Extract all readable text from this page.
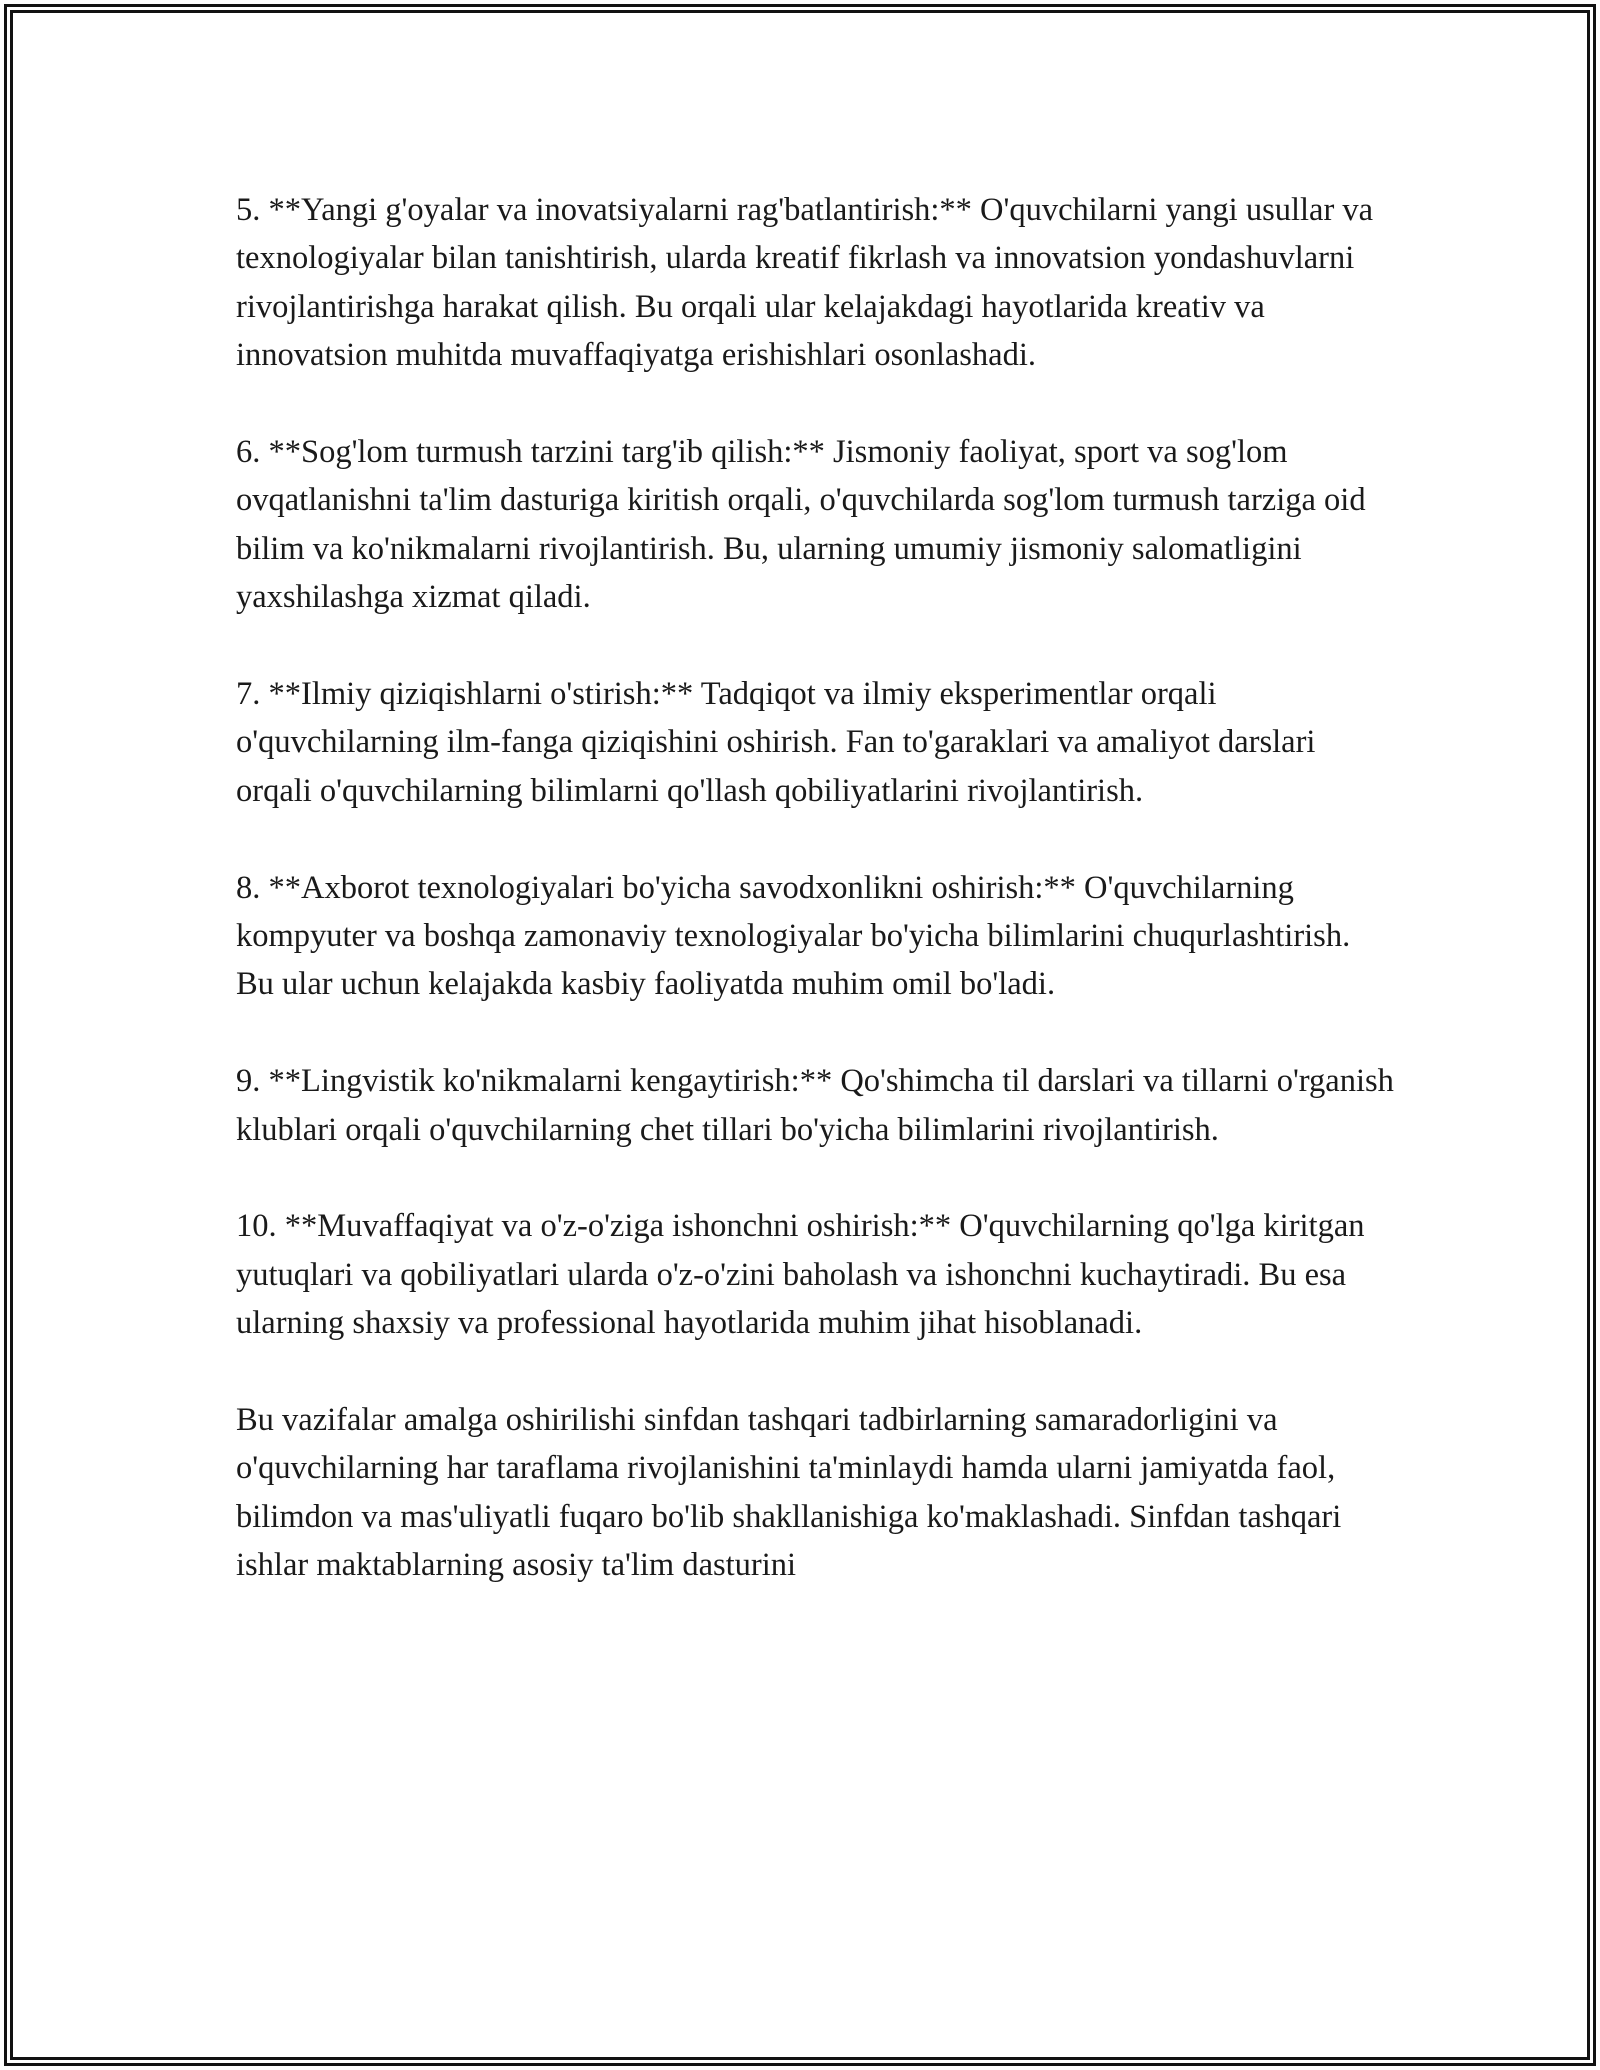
5. **Yangi g'oyalar va inovatsiyalarni rag'batlantirish:** O'quvchilarni yangi usullar va texnologiyalar bilan tanishtirish, ularda kreatif fikrlash va innovatsion yondashuvlarni rivojlantirishga harakat qilish. Bu orqali ular kelajakdagi hayotlarida kreativ va innovatsion muhitda muvaffaqiyatga erishishlari osonlashadi.

6. **Sog'lom turmush tarzini targ'ib qilish:** Jismoniy faoliyat, sport va sog'lom ovqatlanishni ta'lim dasturiga kiritish orqali, o'quvchilarda sog'lom turmush tarziga oid bilim va ko'nikmalarni rivojlantirish. Bu, ularning umumiy jismoniy salomatligini yaxshilashga xizmat qiladi.

7. **Ilmiy qiziqishlarni o'stirish:** Tadqiqot va ilmiy eksperimentlar orqali o'quvchilarning ilm-fanga qiziqishini oshirish. Fan to'garaklari va amaliyot darslari orqali o'quvchilarning bilimlarni qo'llash qobiliyatlarini rivojlantirish.

8. **Axborot texnologiyalari bo'yicha savodxonlikni oshirish:** O'quvchilarning kompyuter va boshqa zamonaviy texnologiyalar bo'yicha bilimlarini chuqurlashtirish. Bu ular uchun kelajakda kasbiy faoliyatda muhim omil bo'ladi.

9. **Lingvistik ko'nikmalarni kengaytirish:** Qo'shimcha til darslari va tillarni o'rganish klublari orqali o'quvchilarning chet tillari bo'yicha bilimlarini rivojlantirish.

10. **Muvaffaqiyat va o'z-o'ziga ishonchni oshirish:** O'quvchilarning qo'lga kiritgan yutuqlari va qobiliyatlari ularda o'z-o'zini baholash va ishonchni kuchaytiradi. Bu esa ularning shaxsiy va professional hayotlarida muhim jihat hisoblanadi.

Bu vazifalar amalga oshirilishi sinfdan tashqari tadbirlarning samaradorligini va o'quvchilarning har taraflama rivojlanishini ta'minlaydi hamda ularni jamiyatda faol, bilimdon va mas'uliyatli fuqaro bo'lib shakllanishiga ko'maklashadi. Sinfdan tashqari ishlar maktablarning asosiy ta'lim dasturini
